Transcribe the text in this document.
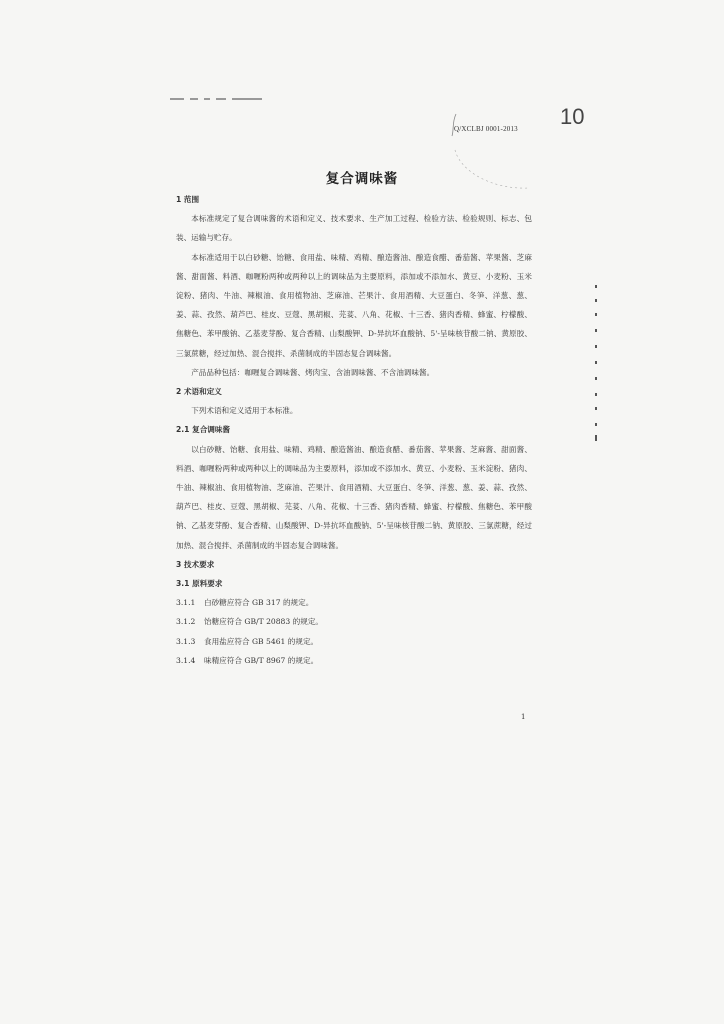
Q/XCLBJ 0001-2013 10
复合调味酱
1 范围
本标准规定了复合调味酱的术语和定义、技术要求、生产加工过程、检验方法、检验规则、标志、包装、运输与贮存。
本标准适用于以白砂糖、饴糖、食用盐、味精、鸡精、酿造酱油、酿造食醋、番茄酱、苹果酱、芝麻酱、甜面酱、料酒、咖喱粉两种或两种以上的调味品为主要原料，添加或不添加水、黄豆、小麦粉、玉米淀粉、猪肉、牛油、辣椒油、食用植物油、芝麻油、芒果汁、食用酒精、大豆蛋白、冬笋、洋葱、葱、姜、蒜、孜然、葫芦巴、桂皮、豆蔻、黑胡椒、芫荽、八角、花椒、十三香、猪肉香精、蜂蜜、柠檬酸、焦糖色、苯甲酸钠、乙基麦芽酚、复合香精、山梨酸钾、D-异抗坏血酸钠、5'-呈味核苷酸二钠、黄原胶、三氯蔗糖，经过加热、混合搅拌、杀菌制成的半固态复合调味酱。
产品品种包括：咖喱复合调味酱、烤肉宝、含油调味酱、不含油调味酱。
2 术语和定义
下列术语和定义适用于本标准。
2.1 复合调味酱
以白砂糖、饴糖、食用盐、味精、鸡精、酿造酱油、酿造食醋、番茄酱、苹果酱、芝麻酱、甜面酱、料酒、咖喱粉两种或两种以上的调味品为主要原料，添加或不添加水、黄豆、小麦粉、玉米淀粉、猪肉、牛油、辣椒油、食用植物油、芝麻油、芒果汁、食用酒精、大豆蛋白、冬笋、洋葱、葱、姜、蒜、孜然、葫芦巴、桂皮、豆蔻、黑胡椒、芫荽、八角、花椒、十三香、猪肉香精、蜂蜜、柠檬酸、焦糖色、苯甲酸钠、乙基麦芽酚、复合香精、山梨酸钾、D-异抗坏血酸钠、5'-呈味核苷酸二钠、黄原胶、三氯蔗糖，经过加热、混合搅拌、杀菌制成的半固态复合调味酱。
3 技术要求
3.1 原料要求
3.1.1 白砂糖应符合 GB 317 的规定。
3.1.2 饴糖应符合 GB/T 20883 的规定。
3.1.3 食用盐应符合 GB 5461 的规定。
3.1.4 味精应符合 GB/T 8967 的规定。
1
